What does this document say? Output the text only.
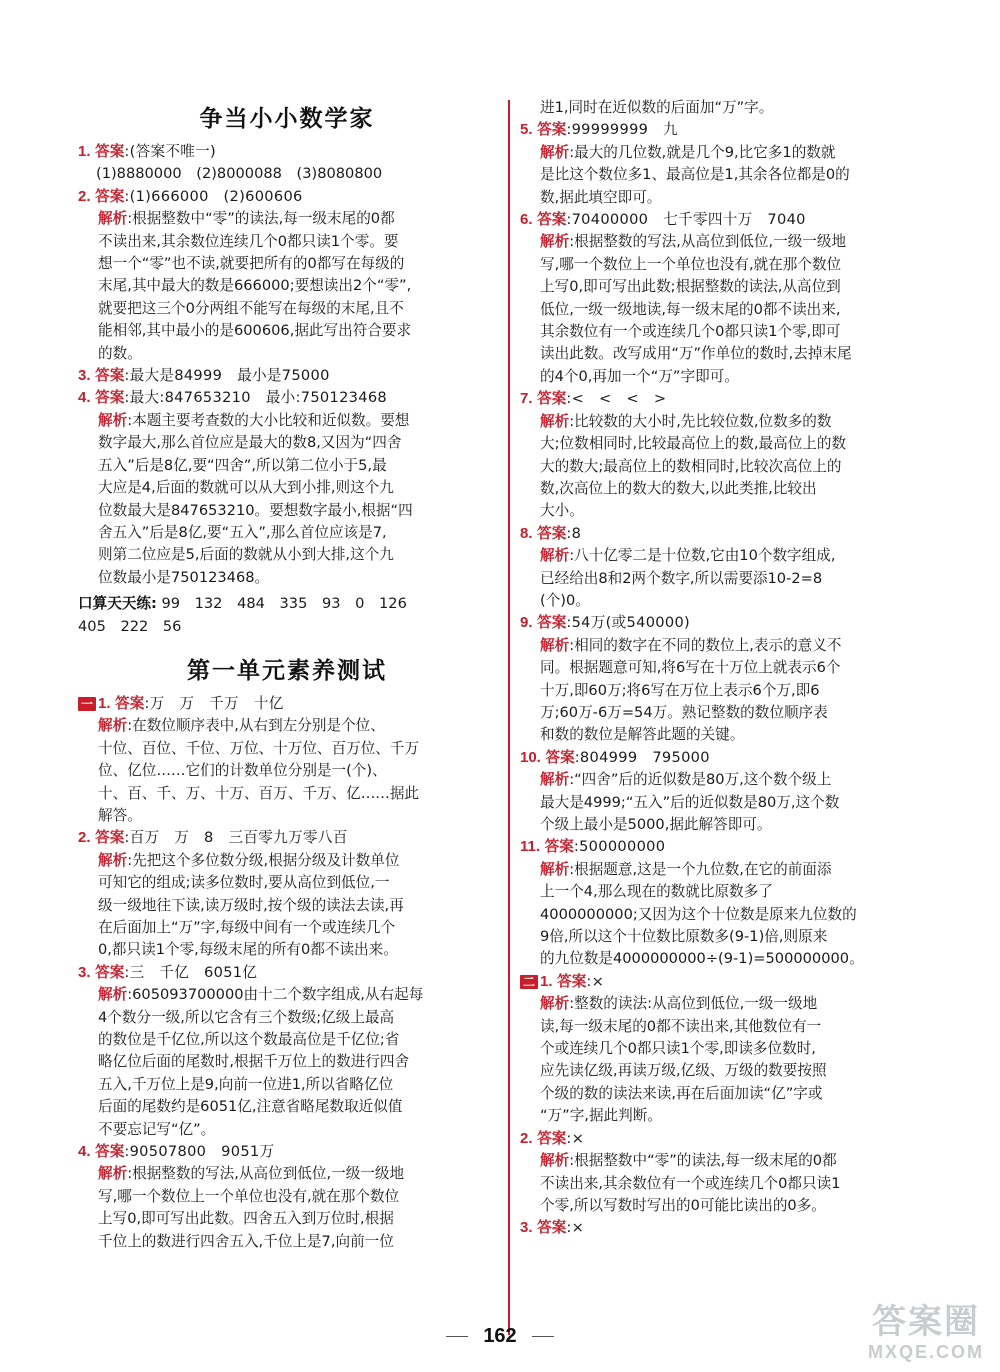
争当小小数学家
1. 答案:(答案不唯一)
(1)8880000　(2)8000088　(3)8080800
2. 答案:(1)666000　(2)600606
解析:根据整数中“零”的读法,每一级末尾的0都
不读出来,其余数位连续几个0都只读1个零。要
想一个“零”也不读,就要把所有的0都写在每级的
末尾,其中最大的数是666000;要想读出2个“零”,
就要把这三个0分两组不能写在每级的末尾,且不
能相邻,其中最小的是600606,据此写出符合要求
的数。
3. 答案:最大是84999　最小是75000
4. 答案:最大:847653210　最小:750123468
解析:本题主要考查数的大小比较和近似数。要想
数字最大,那么首位应是最大的数8,又因为“四舍
五入”后是8亿,要“四舍”,所以第二位小于5,最
大应是4,后面的数就可以从大到小排,则这个九
位数最大是847653210。要想数字最小,根据“四
舍五入”后是8亿,要“五入”,那么首位应该是7,
则第二位应是5,后面的数就从小到大排,这个九
位数最小是750123468。
口算天天练: 99　132　484　335　93　0　126
405　222　56
第一单元素养测试
一 1. 答案:万　万　千万　十亿
解析:在数位顺序表中,从右到左分别是个位、
十位、百位、千位、万位、十万位、百万位、千万
位、亿位……它们的计数单位分别是一(个)、
十、百、千、万、十万、百万、千万、亿……据此
解答。
2. 答案:百万　万　8　三百零九万零八百
解析:先把这个多位数分级,根据分级及计数单位
可知它的组成;读多位数时,要从高位到低位,一
级一级地往下读,读万级时,按个级的读法去读,再
在后面加上“万”字,每级中间有一个或连续几个
0,都只读1个零,每级末尾的所有0都不读出来。
3. 答案:三　千亿　6051亿
解析:605093700000由十二个数字组成,从右起每
4个数分一级,所以它含有三个数级;亿级上最高
的数位是千亿位,所以这个数最高位是千亿位;省
略亿位后面的尾数时,根据千万位上的数进行四舍
五入,千万位上是9,向前一位进1,所以省略亿位
后面的尾数约是6051亿,注意省略尾数取近似值
不要忘记写“亿”。
4. 答案:90507800　9051万
解析:根据整数的写法,从高位到低位,一级一级地
写,哪一个数位上一个单位也没有,就在那个数位
上写0,即可写出此数。四舍五入到万位时,根据
千位上的数进行四舍五入,千位上是7,向前一位
进1,同时在近似数的后面加“万”字。
5. 答案:99999999　九
解析:最大的几位数,就是几个9,比它多1的数就
是比这个数位多1、最高位是1,其余各位都是0的
数,据此填空即可。
6. 答案:70400000　七千零四十万　7040
解析:根据整数的写法,从高位到低位,一级一级地
写,哪一个数位上一个单位也没有,就在那个数位
上写0,即可写出此数;根据整数的读法,从高位到
低位,一级一级地读,每一级末尾的0都不读出来,
其余数位有一个或连续几个0都只读1个零,即可
读出此数。改写成用“万”作单位的数时,去掉末尾
的4个0,再加一个“万”字即可。
7. 答案:<　<　<　>
解析:比较数的大小时,先比较位数,位数多的数
大;位数相同时,比较最高位上的数,最高位上的数
大的数大;最高位上的数相同时,比较次高位上的
数,次高位上的数大的数大,以此类推,比较出
大小。
8. 答案:8
解析:八十亿零二是十位数,它由10个数字组成,
已经给出8和2两个数字,所以需要添10-2=8
(个)0。
9. 答案:54万(或540000)
解析:相同的数字在不同的数位上,表示的意义不
同。根据题意可知,将6写在十万位上就表示6个
十万,即60万;将6写在万位上表示6个万,即6
万;60万-6万=54万。熟记整数的数位顺序表
和数的数位是解答此题的关键。
10. 答案:804999　795000
解析:“四舍”后的近似数是80万,这个数个级上
最大是4999;“五入”后的近似数是80万,这个数
个级上最小是5000,据此解答即可。
11. 答案:500000000
解析:根据题意,这是一个九位数,在它的前面添
上一个4,那么现在的数就比原数多了
4000000000;又因为这个十位数是原来九位数的
9倍,所以这个十位数比原数多(9-1)倍,则原来
的九位数是4000000000÷(9-1)=500000000。
二 1. 答案:×
解析:整数的读法:从高位到低位,一级一级地
读,每一级末尾的0都不读出来,其他数位有一
个或连续几个0都只读1个零,即读多位数时,
应先读亿级,再读万级,亿级、万级的数要按照
个级的数的读法来读,再在后面加读“亿”字或
“万”字,据此判断。
2. 答案:×
解析:根据整数中“零”的读法,每一级末尾的0都
不读出来,其余数位有一个或连续几个0都只读1
个零,所以写数时写出的0可能比读出的0多。
3. 答案:×
162	答案圈
MXQE.COM
